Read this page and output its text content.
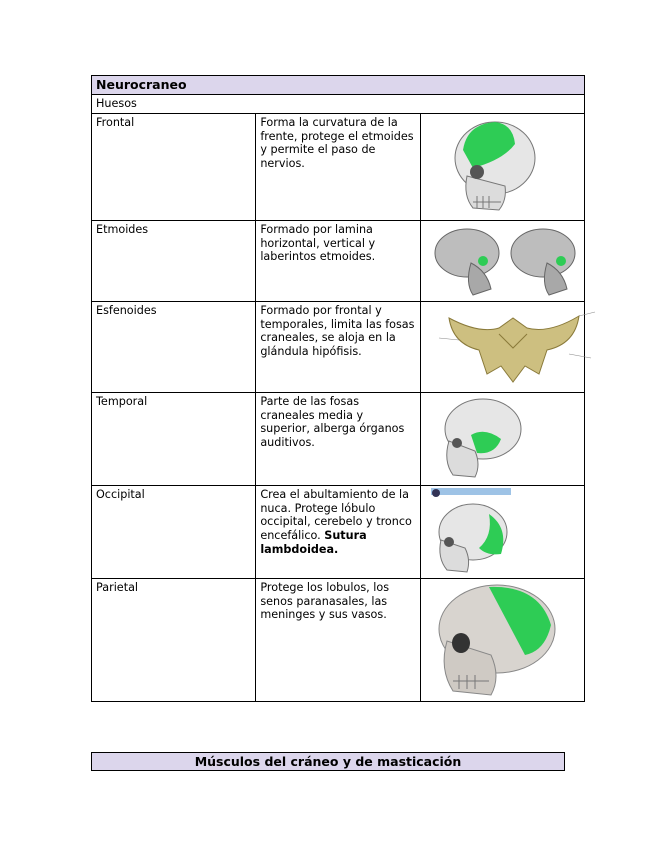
Neurocraneo		
Huesos		
Frontal	Forma la curvatura de la frente, protege el etmoides y permite el paso de nervios.	

Etmoides	Formado por lamina horizontal, vertical y laberintos etmoides.	

Esfenoides	Formado por frontal y temporales, limita las fosas craneales, se aloja en la glándula hipófisis.	

Temporal	Parte de las fosas craneales media y superior, alberga órganos auditivos.	

Occipital	Crea el abultamiento de la nuca. Protege lóbulo occipital, cerebelo y tronco encefálico. Sutura lambdoidea.	

Parietal	Protege los lobulos, los senos paranasales, las meninges y sus vasos.	
Músculos del cráneo y de masticación
